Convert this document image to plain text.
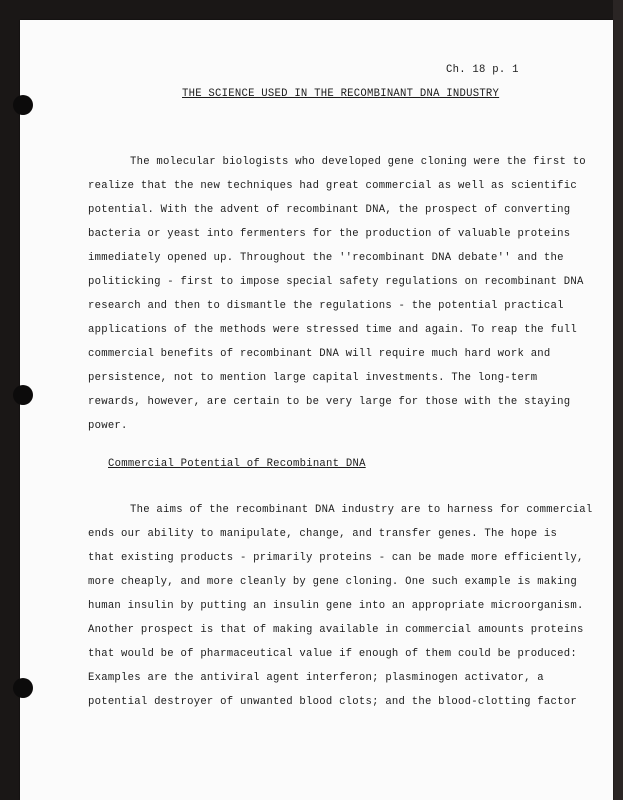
Ch. 18 p. 1
THE SCIENCE USED IN THE RECOMBINANT DNA INDUSTRY
The molecular biologists who developed gene cloning were the first to
realize that the new techniques had great commercial as well as scientific
potential. With the advent of recombinant DNA, the prospect of converting
bacteria or yeast into fermenters for the production of valuable proteins
immediately opened up. Throughout the ''recombinant DNA debate'' and the
politicking - first to impose special safety regulations on recombinant DNA
research and then to dismantle the regulations - the potential practical
applications of the methods were stressed time and again. To reap the full
commercial benefits of recombinant DNA will require much hard work and
persistence, not to mention large capital investments. The long-term
rewards, however, are certain to be very large for those with the staying
power.
Commercial Potential of Recombinant DNA
The aims of the recombinant DNA industry are to harness for commercial
ends our ability to manipulate, change, and transfer genes. The hope is
that existing products - primarily proteins - can be made more efficiently,
more cheaply, and more cleanly by gene cloning. One such example is making
human insulin by putting an insulin gene into an appropriate microorganism.
Another prospect is that of making available in commercial amounts proteins
that would be of pharmaceutical value if enough of them could be produced:
Examples are the antiviral agent interferon; plasminogen activator, a
potential destroyer of unwanted blood clots; and the blood-clotting factor
